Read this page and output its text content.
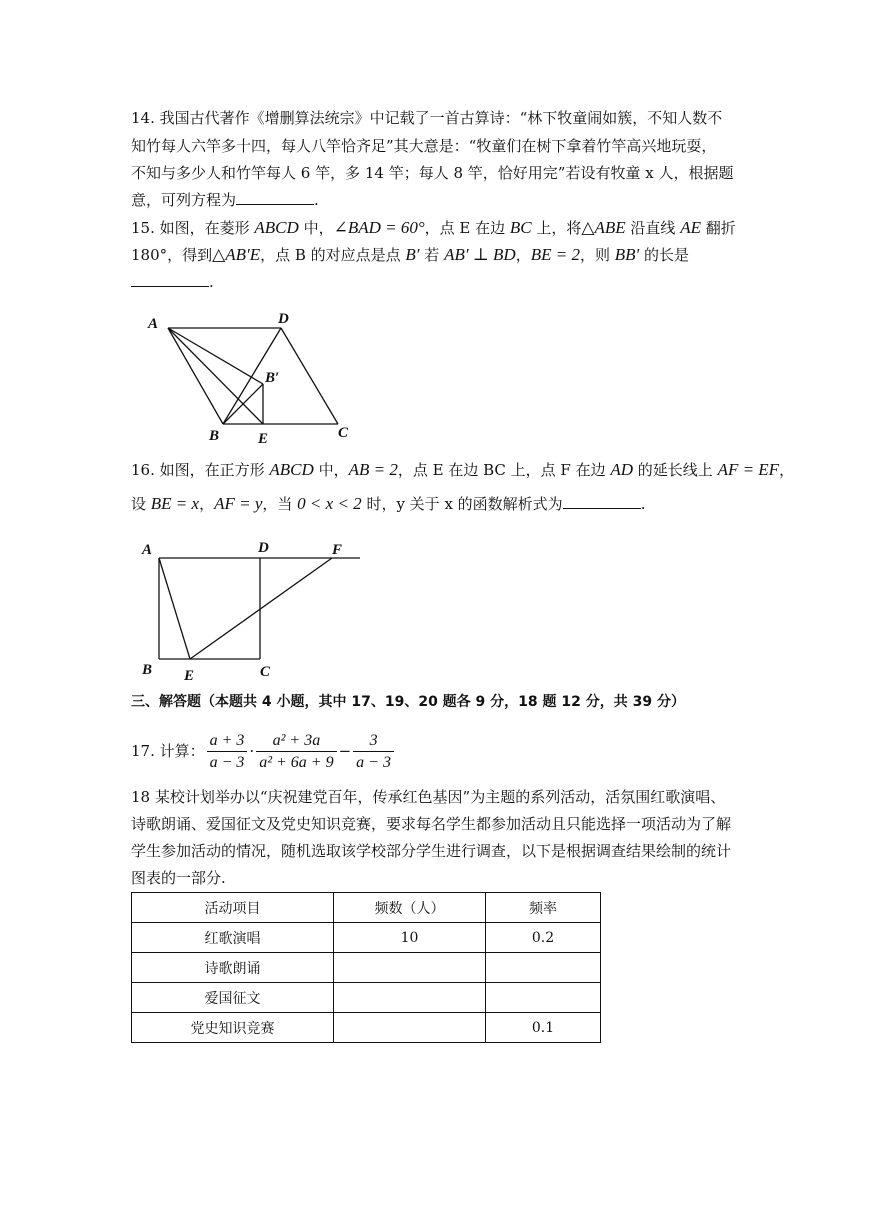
14. 我国古代著作《增删算法统宗》中记载了一首古算诗：“林下牧童闹如簇，不知人数不
知竹每人六竿多十四，每人八竿恰齐足”其大意是：“牧童们在树下拿着竹竿高兴地玩耍，
不知与多少人和竹竿每人 6 竿，多 14 竿；每人 8 竿，恰好用完”若设有牧童 x 人，根据题
意，可列方程为	.
15. 如图，在菱形 ABCD 中，∠BAD = 60°，点 E 在边 BC 上，将△ABE 沿直线 AE 翻折
180°，得到△AB′E，点 B 的对应点是点 B′ 若 AB′ ⊥ BD，BE = 2，则 BB′ 的长是
.
A	D
B′
B	E	C
16. 如图，在正方形 ABCD 中，AB = 2，点 E 在边 BC 上，点 F 在边 AD 的延长线上 AF = EF，
设 BE = x，AF = y，当 0 < x < 2 时，y 关于 x 的函数解析式为	.
A	D	F
B E	C
三、解答题（本题共 4 小题，其中 17、19、20 题各 9 分，18 题 12 分，共 39 分）
17. 计算： $\frac{a + 3}{a - 3} \cdot \frac{\text{a² + 3a}}{\text{a² + 6a + 9}} - \frac{3}{a - 3}$
18 某校计划举办以“庆祝建党百年，传承红色基因”为主题的系列活动，活氛围红歌演唱、
诗歌朗诵、爱国征文及党史知识竞赛，要求每名学生都参加活动且只能选择一项活动为了解
学生参加活动的情况，随机选取该学校部分学生进行调查，以下是根据调查结果绘制的统计
图表的一部分.
活动项目	频数（人）	频率
红歌演唱	10	0.2
诗歌朗诵		
爱国征文		
党史知识竞赛		0.1
